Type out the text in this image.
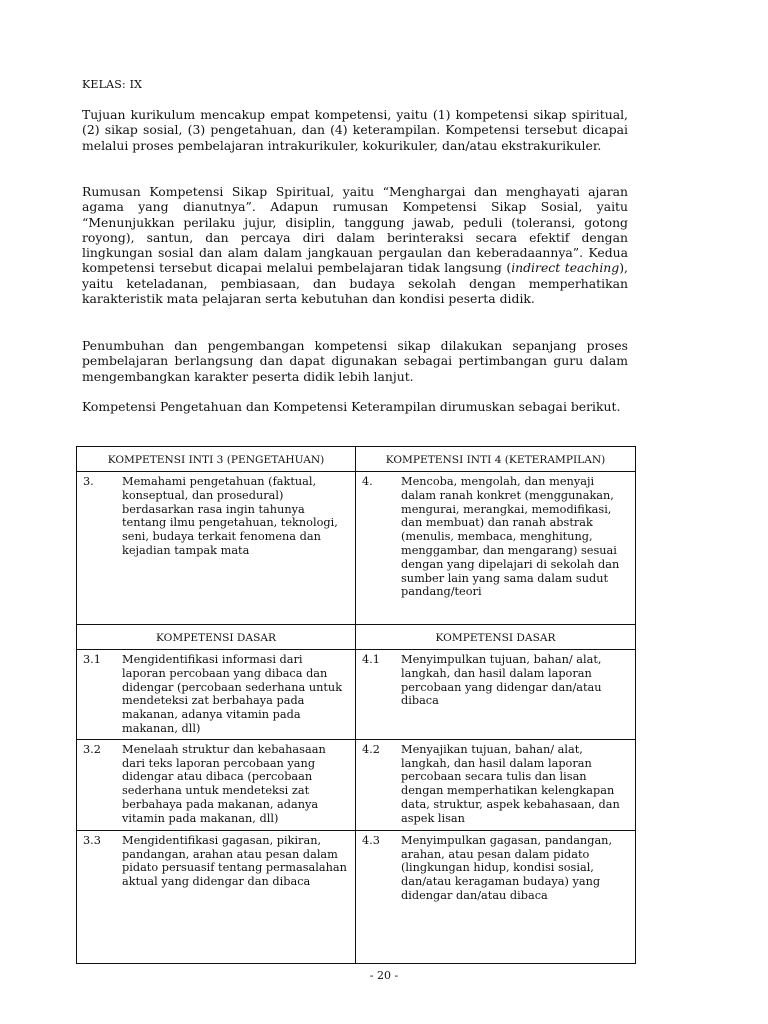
KELAS: IX

Tujuan kurikulum mencakup empat kompetensi, yaitu (1) kompetensi sikap spiritual, (2) sikap sosial, (3) pengetahuan, dan (4) keterampilan. Kompetensi tersebut dicapai melalui proses pembelajaran intrakurikuler, kokurikuler, dan/atau ekstrakurikuler.

Rumusan Kompetensi Sikap Spiritual, yaitu “Menghargai dan menghayati ajaran agama yang dianutnya”. Adapun rumusan Kompetensi Sikap Sosial, yaitu “Menunjukkan perilaku jujur, disiplin, tanggung jawab, peduli (toleransi, gotong royong), santun, dan percaya diri dalam berinteraksi secara efektif dengan lingkungan sosial dan alam dalam jangkauan pergaulan dan keberadaannya”. Kedua kompetensi tersebut dicapai melalui pembelajaran tidak langsung (indirect teaching), yaitu keteladanan, pembiasaan, dan budaya sekolah dengan memperhatikan karakteristik mata pelajaran serta kebutuhan dan kondisi peserta didik.

Penumbuhan dan pengembangan kompetensi sikap dilakukan sepanjang proses pembelajaran berlangsung dan dapat digunakan sebagai pertimbangan guru dalam mengembangkan karakter peserta didik lebih lanjut.

Kompetensi Pengetahuan dan Kompetensi Keterampilan dirumuskan sebagai berikut.

KOMPETENSI INTI 3 (PENGETAHUAN)	KOMPETENSI INTI 4 (KETERAMPILAN)

3. Memahami pengetahuan (faktual, konseptual, dan prosedural) berdasarkan rasa ingin tahunya tentang ilmu pengetahuan, teknologi, seni, budaya terkait fenomena dan kejadian tampak mata	4. Mencoba, mengolah, dan menyaji dalam ranah konkret (menggunakan, mengurai, merangkai, memodifikasi, dan membuat) dan ranah abstrak (menulis, membaca, menghitung, menggambar, dan mengarang) sesuai dengan yang dipelajari di sekolah dan sumber lain yang sama dalam sudut pandang/teori

KOMPETENSI DASAR	KOMPETENSI DASAR

3.1 Mengidentifikasi informasi dari laporan percobaan yang dibaca dan didengar (percobaan sederhana untuk mendeteksi zat berbahaya pada makanan, adanya vitamin pada makanan, dll)	4.1 Menyimpulkan tujuan, bahan/ alat, langkah, dan hasil dalam laporan percobaan yang didengar dan/atau dibaca

3.2 Menelaah struktur dan kebahasaan dari teks laporan percobaan yang didengar atau dibaca (percobaan sederhana untuk mendeteksi zat berbahaya pada makanan, adanya vitamin pada makanan, dll)	4.2 Menyajikan tujuan, bahan/ alat, langkah, dan hasil dalam laporan percobaan secara tulis dan lisan dengan memperhatikan kelengkapan data, struktur, aspek kebahasaan, dan aspek lisan

3.3 Mengidentifikasi gagasan, pikiran, pandangan, arahan atau pesan dalam pidato persuasif tentang permasalahan aktual yang didengar dan dibaca	4.3 Menyimpulkan gagasan, pandangan, arahan, atau pesan dalam pidato (lingkungan hidup, kondisi sosial, dan/atau keragaman budaya) yang didengar dan/atau dibaca
- 20 -
